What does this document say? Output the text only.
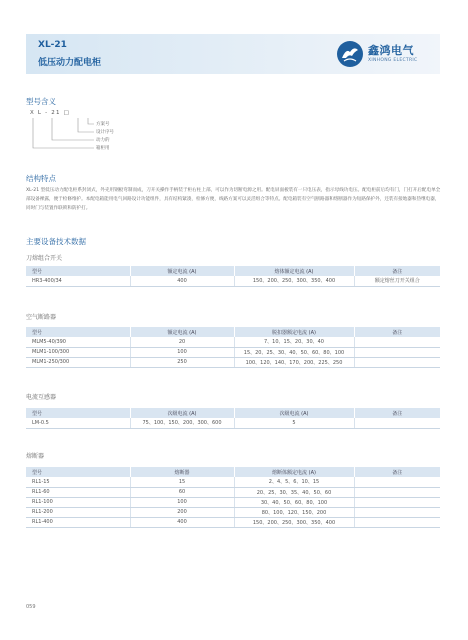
XL-21
低压动力配电柜
鑫鸿电气
XINHONG ELECTRIC
型号含义
X L - 21 □
方案号
设计序号
动力的
箱柜用
结构特点
XL-21 型低压动力配电柜系封闭式，外壳用钢板弯制而成，刀开关操作手柄装于柜右柱上部，可以作为切断电源之用。配电屏面板装有一只电压表，指示母线功电压。配电柜前后均有门，门打开后配电单全部设备裸露，便于检修维护。本配电箱能用电气回路设计功能组件，具有结构紧凑，检修方便，线路方案可以灵活组合等特点。配电箱装有空气断路器和熔断器作为短路保护外，还装有接地器和热继电器，同时门与装置作联锁和防护打。
主要设备技术数据
刀熔组合开关
型号	额定电流 (A)	熔体额定电流 (A)	备注
HR3-400/34	400	150、200、250、300、350、400	额定熔丝刀开关组合
空气断路器
型号	额定电流 (A)	脱扣器额定电流 (A)	备注
MLM5-40/390	20	7、10、15、20、30、40	
MLM1-100/300	100	15、20、25、30、40、50、60、80、100	
MLM1-250/300	250	100、120、140、170、200、225、250	
电流互感器
型号	次级电流 (A)	次级电流 (A)	备注
LM-0.5	75、100、150、200、300、600	5	
熔断器
型号	熔断器	熔断体额定电流 (A)	备注
RL1-15	15	2、4、5、6、10、15	
RL1-60	60	20、25、30、35、40、50、60	
RL1-100	100	30、40、50、60、80、100	
RL1-200	200	80、100、120、150、200	
RL1-400	400	150、200、250、300、350、400	
059
